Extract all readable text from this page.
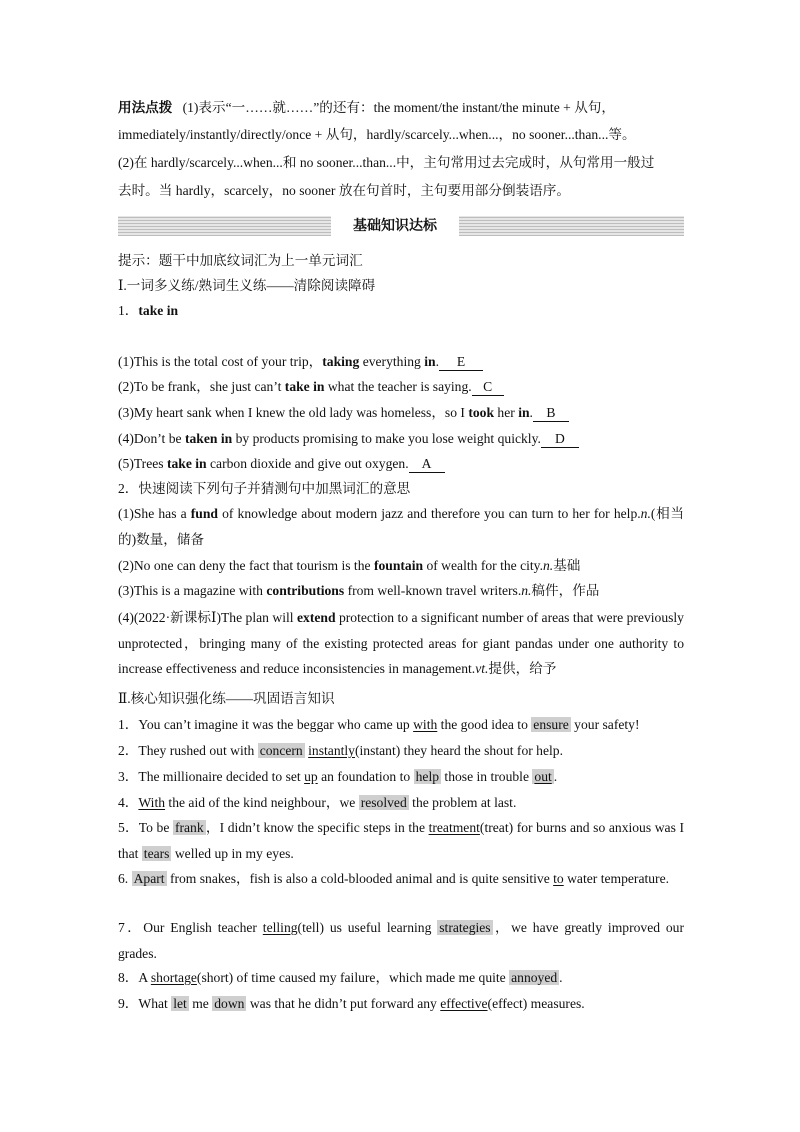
用法点拨 (1)表示“一……就……”的还有：the moment/the instant/the minute + 从句，
immediately/instantly/directly/once + 从句，hardly/scarcely...when...，no sooner...than...等。
(2)在 hardly/scarcely...when...和 no sooner...than...中，主句常用过去完成时，从句常用一般过
去时。当 hardly，scarcely，no sooner 放在句首时，主句要用部分倒装语序。
基础知识达标
提示：题干中加底纹词汇为上一单元词汇
Ⅰ.一词多义练/熟词生义练——清除阅读障碍
1．take in
(1)This is the total cost of your trip，taking everything in. E
(2)To be frank，she just can’t take in what the teacher is saying. C
(3)My heart sank when I knew the old lady was homeless，so I took her in. B
(4)Don’t be taken in by products promising to make you lose weight quickly. D
(5)Trees take in carbon dioxide and give out oxygen. A
2．快速阅读下列句子并猜测句中加黑词汇的意思
(1)She has a fund of knowledge about modern jazz and therefore you can turn to her for help.n.(相当的)数量，储备
(2)No one can deny the fact that tourism is the fountain of wealth for the city.n.基础
(3)This is a magazine with contributions from well-known travel writers.n.稿件，作品
(4)(2022·新课标Ⅰ)The plan will extend protection to a significant number of areas that were previously unprotected，bringing many of the existing protected areas for giant pandas under one authority to increase effectiveness and reduce inconsistencies in management.vt.提供，给予
Ⅱ.核心知识强化练——巩固语言知识
1．You can’t imagine it was the beggar who came up with the good idea to ensure your safety!
2．They rushed out with concern instantly(instant) they heard the shout for help.
3．The millionaire decided to set up an foundation to help those in trouble out .
4．With the aid of the kind neighbour，we resolved the problem at last.
5．To be frank ，I didn’t know the specific steps in the treatment(treat) for burns and so anxious was I that tears welled up in my eyes.
6. Apart from snakes，fish is also a cold-blooded animal and is quite sensitive to water temperature.
7．Our English teacher telling(tell) us useful learning strategies ，we have greatly improved our grades.
8．A shortage(short) of time caused my failure，which made me quite annoyed .
9．What let me down was that he didn’t put forward any effective(effect) measures.
